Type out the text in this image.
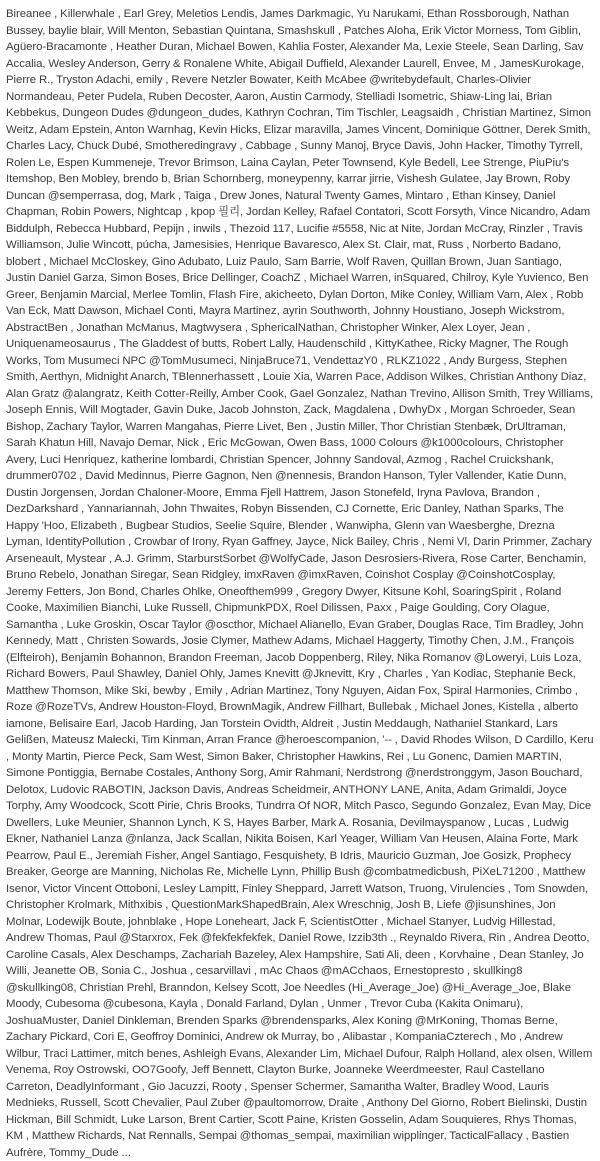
Bireanee , Killerwhale , Earl Grey, Meletios Lendis, James Darkmagic, Yu Narukami, Ethan Rossborough, Nathan Bussey, baylie blair, Will Menton, Sebastian Quintana, Smashskull , Patches Aloha, Erik Victor Morness, Tom Giblin, Agüero-Bracamonte , Heather Duran, Michael Bowen, Kahlia Foster, Alexander Ma, Lexie Steele, Sean Darling, Sav Accalia, Wesley Anderson, Gerry & Ronalene White, Abigail Duffield, Alexander Laurell, Envee, M , JamesKurokage, Pierre R., Tryston Adachi, emily , Revere Netzler Bowater, Keith McAbee @writebydefault, Charles-Olivier Normandeau, Peter Pudela, Ruben Decoster, Aaron, Austin Carmody, Stelliadi Isometric, Shiaw-Ling lai, Brian Kebbekus, Dungeon Dudes @dungeon_dudes, Kathryn Cochran, Tim Tischler, Leagsaidh , Christian Martinez, Simon Weitz, Adam Epstein, Anton Warnhag, Kevin Hicks, Elizar maravilla, James Vincent, Dominique Göttner, Derek Smith, Charles Lacy, Chuck Dubé, Smotheredingravy , Cabbage , Sunny Manoj, Bryce Davis, John Hacker, Timothy Tyrrell, Rolen Le, Espen Kummeneje, Trevor Brimson, Laina Caylan, Peter Townsend, Kyle Bedell, Lee Strenge, PiuPiu's Itemshop, Ben Mobley, brendo b, Brian Schornberg, moneypenny, karrar jirrie, Vishesh Gulatee, Jay Brown, Roby Duncan @semperrasa, dog, Mark , Taiga , Drew Jones, Natural Twenty Games, Mintaro , Ethan Kinsey, Daniel Chapman, Robin Powers, Nightcap , kpop 필리, Jordan Kelley, Rafael Contatori, Scott Forsyth, Vince Nicandro, Adam Biddulph, Rebecca Hubbard, Pepijn , inwils , Thezoid 117, Lucifie #5558, Nic at Nite, Jordan McCray, Rinzler , Travis Williamson, Julie Wincott, púcha, Jamesisies, Henrique Bavaresco, Alex St. Clair, mat, Russ , Norberto Badano, blobert , Michael McCloskey, Gino Adubato, Luiz Paulo, Sam Barrie, Wolf Raven, Quillan Brown, Juan Santiago, Justin Daniel Garza, Simon Boses, Brice Dellinger, CoachZ , Michael Warren, inSquared, Chilroy, Kyle Yuvienco, Ben Greer, Benjamin Marcial, Merlee Tomlin, Flash Fire, akicheeto, Dylan Dorton, Mike Conley, William Varn, Alex , Robb Van Eck, Matt Dawson, Michael Conti, Mayra Martinez, ayrin Southworth, Johnny Houstiano, Joseph Wickstrom, AbstractBen , Jonathan McManus, Magtwysera , SphericalNathan, Christopher Winker, Alex Loyer, Jean , Uniquenameosaurus , The Gladdest of butts, Robert Lally, Haudenschild , KittyKathee, Ricky Magner, The Rough Works, Tom Musumeci NPC @TomMusumeci, NinjaBruce71, VendettazY0 , RLKZ1022 , Andy Burgess, Stephen Smith, Aerthyn, Midnight Anarch, TBlennerhassett , Louie Xia, Warren Pace, Addison Wilkes, Christian Anthony Diaz, Alan Gratz @alangratz, Keith Cotter-Reilly, Amber Cook, Gael Gonzalez, Nathan Trevino, Allison Smith, Trey Williams, Joseph Ennis, Will Mogtader, Gavin Duke, Jacob Johnston, Zack, Magdalena , DwhyDx , Morgan Schroeder, Sean Bishop, Zachary Taylor, Warren Mangahas, Pierre Livet, Ben , Justin Miller, Thor Christian Stenbæk, DrUltraman, Sarah Khatun Hill, Navajo Demar, Nick , Eric McGowan, Owen Bass, 1000 Colours @k1000colours, Christopher Avery, Luci Henriquez, katherine lombardi, Christian Spencer, Johnny Sandoval, Azmog , Rachel Cruickshank, drummer0702 , David Medinnus, Pierre Gagnon, Nen @nennesis, Brandon Hanson, Tyler Vallender, Katie Dunn, Dustin Jorgensen, Jordan Chaloner-Moore, Emma Fjell Hattrem, Jason Stonefeld, Iryna Pavlova, Brandon , DezDarkshard , Yannariannah, John Thwaites, Robyn Bissenden, CJ Cornette, Eric Danley, Nathan Sparks, The Happy 'Hoo, Elizabeth , Bugbear Studios, Seelie Squire, Blender , Wanwipha, Glenn van Waesberghe, Drezna Lyman, IdentityPollution , Crowbar of Irony, Ryan Gaffney, Jayce, Nick Bailey, Chris , Nemi Vl, Darin Primmer, Zachary Arseneault, Mystear , A.J. Grimm, StarburstSorbet @WolfyCade, Jason Desrosiers-Rivera, Rose Carter, Benchamin, Bruno Rebelo, Jonathan Siregar, Sean Ridgley, imxRaven @imxRaven, Coinshot Cosplay @CoinshotCosplay, Jeremy Fetters, Jon Bond, Charles Ohlke, Oneofthem999 , Gregory Dwyer, Kitsune Kohl, SoaringSpirit , Roland Cooke, Maximilien Bianchi, Luke Russell, ChipmunkPDX, Roel Dilissen, Paxx , Paige Goulding, Cory Olague, Samantha , Luke Groskin, Oscar Taylor @oscthor, Michael Alianello, Evan Graber, Douglas Race, Tim Bradley, John Kennedy, Matt , Christen Sowards, Josie Clymer, Mathew Adams, Michael Haggerty, Timothy Chen, J.M., François (Elfteiroh), Benjamin Bohannon, Brandon Freeman, Jacob Doppenberg, Riley, Nika Romanov @Loweryi, Luis Loza, Richard Bowers, Paul Shawley, Daniel Ohly, James Knevitt @Jknevitt, Kry , Charles , Yan Kodiac, Stephanie Beck, Matthew Thomson, Mike Ski, bewby , Emily , Adrian Martinez, Tony Nguyen, Aidan Fox, Spiral Harmonies, Crimbo , Roze @RozeTVs, Andrew Houston-Floyd, BrownMagik, Andrew Fillhart, Bullebak , Michael Jones, Kistella , alberto iamone, Belisaire Earl, Jacob Harding, Jan Torstein Ovidth, Aldreit , Justin Meddaugh, Nathaniel Stankard, Lars Gelißen, Mateusz Małecki, Tim Kinman, Arran France @heroescompanion, '-- , David Rhodes Wilson, D Cardillo, Keru , Monty Martin, Pierce Peck, Sam West, Simon Baker, Christopher Hawkins, Rei , Lu Gonenc, Damien MARTIN, Simone Pontiggia, Bernabe Costales, Anthony Sorg, Amir Rahmani, Nerdstrong @nerdstronggym, Jason Bouchard, Delotox, Ludovic RABOTIN, Jackson Davis, Andreas Scheidmeir, ANTHONY LANE, Anita, Adam Grimaldi, Joyce Torphy, Amy Woodcock, Scott Pirie, Chris Brooks, Tundrra Of NOR, Mitch Pasco, Segundo Gonzalez, Evan May, Dice Dwellers, Luke Meunier, Shannon Lynch, K S, Hayes Barber, Mark A. Rosania, Devilmayspanow , Lucas , Ludwig Ekner, Nathaniel Lanza @nlanza, Jack Scallan, Nikita Boisen, Karl Yeager, William Van Heusen, Alaina Forte, Mark Pearrow, Paul E., Jeremiah Fisher, Angel Santiago, Fesquishety, B Idris, Mauricio Guzman, Joe Gosizk, Prophecy Breaker, George are Manning, Nicholas Re, Michelle Lynn, Phillip Bush @combatmedicbush, PiXeL71200 , Matthew Isenor, Victor Vincent Ottoboni, Lesley Lampitt, Finley Sheppard, Jarrett Watson, Truong, Virulencies , Tom Snowden, Christopher Krolmark, Mithxibis , QuestionMarkShapedBrain, Alex Wreschnig, Josh B, Liefe @jisunshines, Jon Molnar, Lodewijk Boute, johnblake , Hope Loneheart, Jack F, ScientistOtter , Michael Stanyer, Ludvig Hillestad, Andrew Thomas, Paul @Starxrox, Fek @fekfekfekfek, Daniel Rowe, Izzib3th ., Reynaldo Rivera, Rin , Andrea Deotto, Caroline Casals, Alex Deschamps, Zachariah Bazeley, Alex Hampshire, Sati Ali, deen , Korvhaine , Dean Stanley, Jo Willi, Jeanette OB, Sonia C., Joshua , cesarvillavi , mAc Chaos @mACchaos, Ernestopresto , skullking8 @skullking08, Christian Prehl, Branndon, Kelsey Scott, Joe Needles (Hi_Average_Joe) @Hi_Average_Joe, Blake Moody, Cubesoma @cubesona, Kayla , Donald Farland, Dylan , Unmer , Trevor Cuba (Kakita Onimaru), JoshuaMuster, Daniel Dinkleman, Brenden Sparks @brendensparks, Alex Koning @MrKoning, Thomas Berne, Zachary Pickard, Cori E, Geoffroy Dominici, Andrew ok Murray, bo , Alibastar , KompaniaCzterech , Mo , Andrew Wilbur, Traci Lattimer, mitch benes, Ashleigh Evans, Alexander Lim, Michael Dufour, Ralph Holland, alex olsen, Willem Venema, Roy Ostrowski, OO7Goofy, Jeff Bennett, Clayton Burke, Joanneke Weerdmeester, Raul Castellano Carreton, DeadlyInformant , Gio Jacuzzi, Rooty , Spenser Schermer, Samantha Walter, Bradley Wood, Lauris Medniеks, Russell, Scott Chevalier, Paul Zuber @paultomorrow, Draite , Anthony Del Giorno, Robert Bielinski, Dustin Hickman, Bill Schmidt, Luke Larson, Brent Cartier, Scott Paine, Kristen Gosselin, Adam Souquieres, Rhys Thomas, KM , Matthew Richards, Nat Rennalls, Sempai @thomas_sempai, maximilian wipplinger, TacticalFallacy , Bastien Aufrère, Tommy_Dude ...
